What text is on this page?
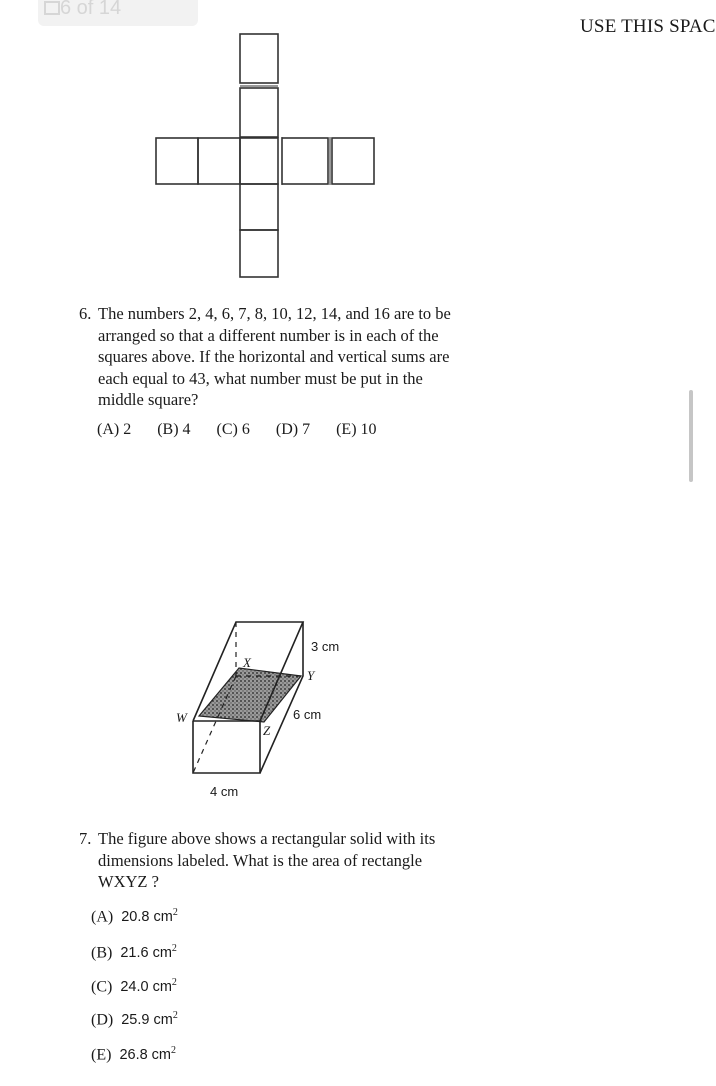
6 of 14
USE THIS SPAC
6. The numbers 2, 4, 6, 7, 8, 10, 12, 14, and 16 are to be arranged so that a different number is in each of the squares above. If the horizontal and vertical sums are each equal to 43, what number must be put in the middle square?
(A) 2 (B) 4 (C) 6 (D) 7 (E) 10
X
Y
W
Z
3 cm
6 cm
4 cm
7. The figure above shows a rectangular solid with its dimensions labeled. What is the area of rectangle WXYZ ?
(A) 20.8 $cm^2$
(B) 21.6 $cm^2$
(C) 24.0 $cm^2$
(D) 25.9 $cm^2$
(E) 26.8 $cm^2$
